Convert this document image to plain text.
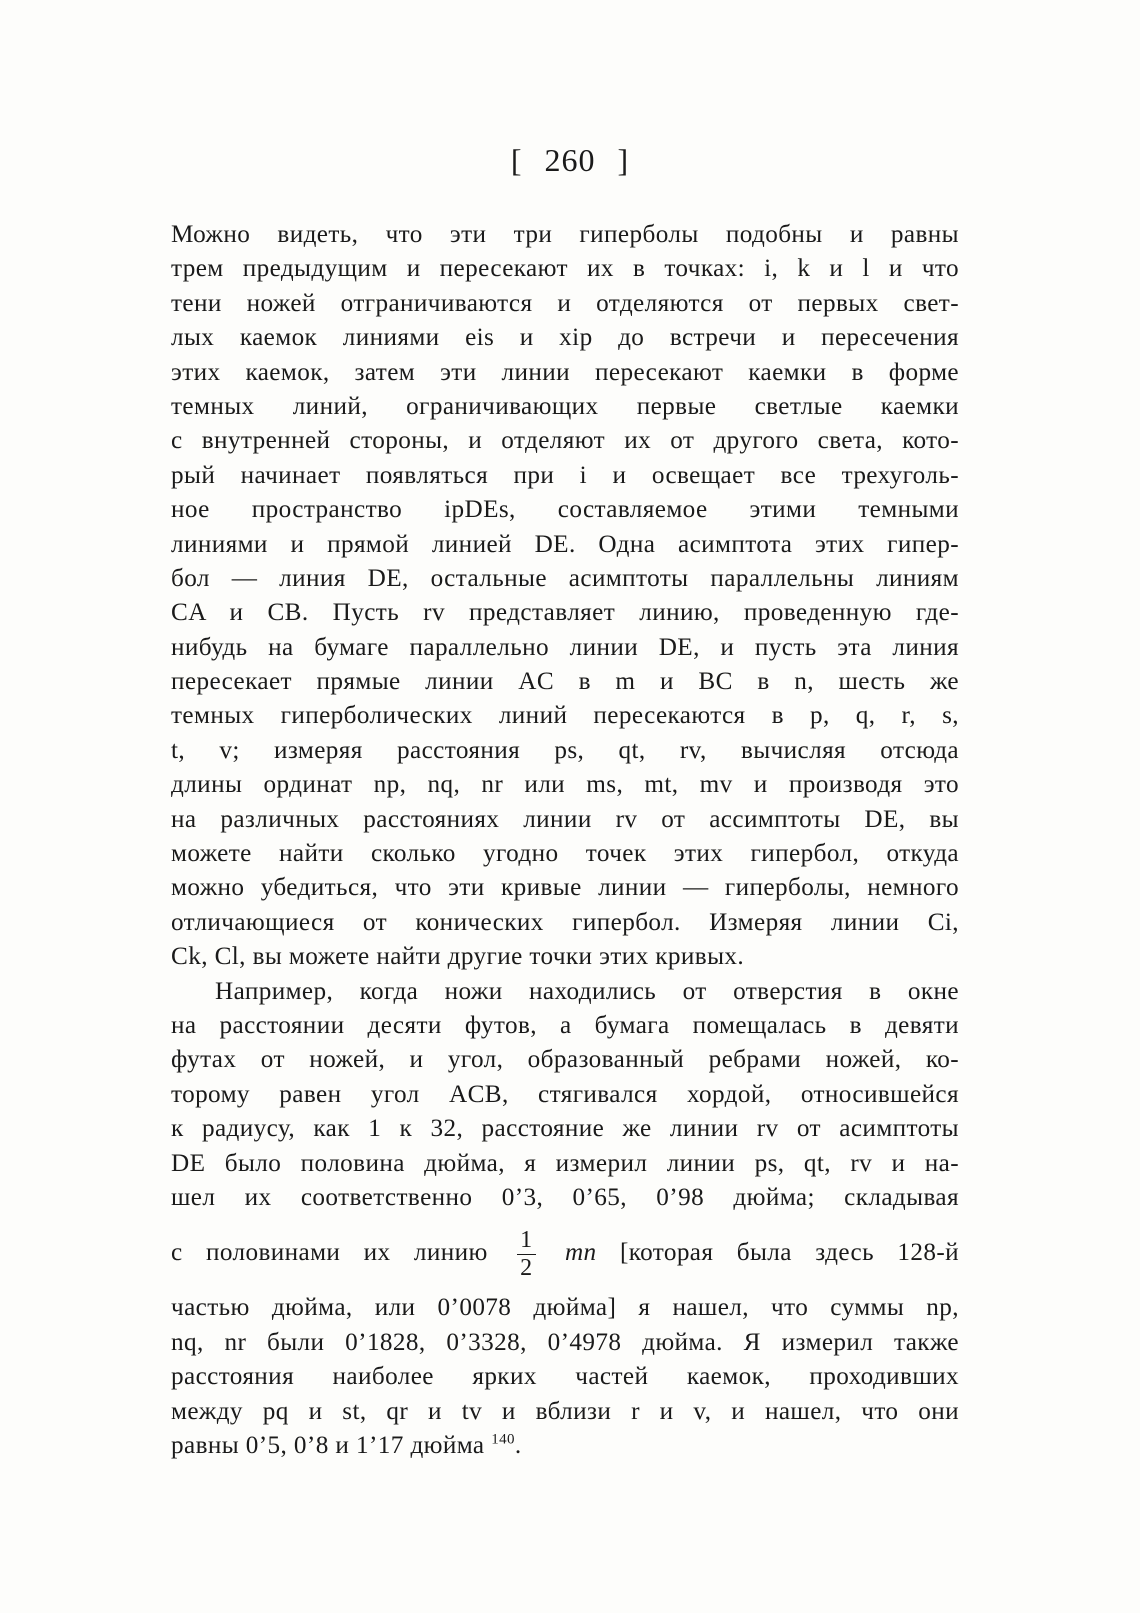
[ 260 ]
Можно видеть, что эти три гиперболы подобны и равны
трем предыдущим и пересекают их в точках: i, k и l и что
тени ножей отграничиваются и отделяются от первых свет-
лых каемок линиями eis и xip до встречи и пересечения
этих каемок, затем эти линии пересекают каемки в форме
темных линий, ограничивающих первые светлые каемки
с внутренней стороны, и отделяют их от другого света, кото-
рый начинает появляться при i и освещает все трехуголь-
ное пространство ipDEs, составляемое этими темными
линиями и прямой линией DE. Одна асимптота этих гипер-
бол — линия DE, остальные асимптоты параллельны линиям
CA и CB. Пусть rv представляет линию, проведенную где-
нибудь на бумаге параллельно линии DE, и пусть эта линия
пересекает прямые линии AC в m и BC в n, шесть же
темных гиперболических линий пересекаются в p, q, r, s,
t, v; измеряя расстояния ps, qt, rv, вычисляя отсюда
длины ординат np, nq, nr или ms, mt, mv и производя это
на различных расстояниях линии rv от ассимптоты DE, вы
можете найти сколько угодно точек этих гипербол, откуда
можно убедиться, что эти кривые линии — гиперболы, немного
отличающиеся от конических гипербол. Измеряя линии Ci,
Ck, Cl, вы можете найти другие точки этих кривых.
Например, когда ножи находились от отверстия в окне
на расстоянии десяти футов, а бумага помещалась в девяти
футах от ножей, и угол, образованный ребрами ножей, ко-
торому равен угол ACB, стягивался хордой, относившейся
к радиусу, как 1 к 32, расстояние же линии rv от асимптоты
DE было половина дюйма, я измерил линии ps, qt, rv и на-
шел их соответственно 0’3, 0’65, 0’98 дюйма; складывая
с половинами их линию $\frac{1}{2}$ mn [которая была здесь 128-й
частью дюйма, или 0’0078 дюйма] я нашел, что суммы np,
nq, nr были 0’1828, 0’3328, 0’4978 дюйма. Я измерил также
расстояния наиболее ярких частей каемок, проходивших
между pq и st, qr и tv и вблизи r и v, и нашел, что они
равны 0’5, 0’8 и 1’17 дюйма $^{140}$.
